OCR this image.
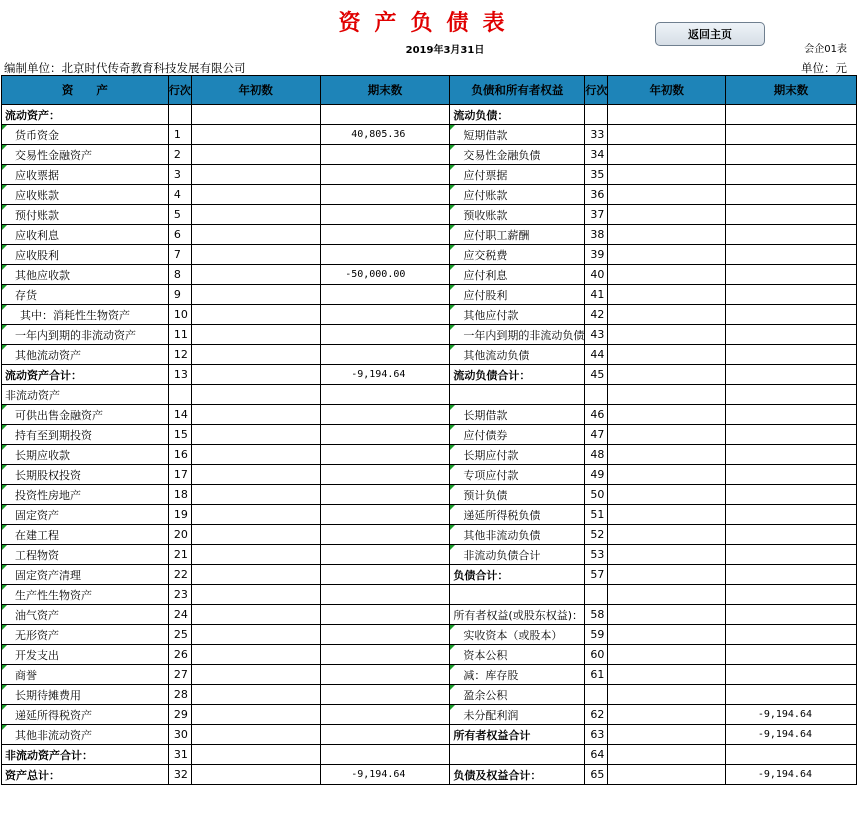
资产负债表
2019年3月31日
返回主页
会企01表
编制单位：北京时代传奇教育科技发展有限公司	单位：元
资　　产	行次	年初数	期末数	负债和所有者权益	行次	年初数	期末数
流动资产：				流动负债：			
货币资金	1		40,805.36	短期借款	33		
交易性金融资产	2			交易性金融负债	34		
应收票据	3			应付票据	35		
应收账款	4			应付账款	36		
预付账款	5			预收账款	37		
应收利息	6			应付职工薪酬	38		
应收股利	7			应交税费	39		
其他应收款	8		-50,000.00	应付利息	40		
存货	9			应付股利	41		
其中：消耗性生物资产	10			其他应付款	42		
一年内到期的非流动资产	11			一年内到期的非流动负债	43		
其他流动资产	12			其他流动负债	44		
流动资产合计：	13		-9,194.64	流动负债合计：	45		
非流动资产							
可供出售金融资产	14			长期借款	46		
持有至到期投资	15			应付债券	47		
长期应收款	16			长期应付款	48		
长期股权投资	17			专项应付款	49		
投资性房地产	18			预计负债	50		
固定资产	19			递延所得税负债	51		
在建工程	20			其他非流动负债	52		
工程物资	21			非流动负债合计	53		
固定资产清理	22			负债合计：	57		
生产性生物资产	23						
油气资产	24			所有者权益(或股东权益)：	58		
无形资产	25			实收资本（或股本）	59		
开发支出	26			资本公积	60		
商誉	27			减：库存股	61		
长期待摊费用	28			盈余公积			
递延所得税资产	29			未分配利润	62		-9,194.64
其他非流动资产	30			所有者权益合计	63		-9,194.64
非流动资产合计：	31				64		
资产总计：	32		-9,194.64	负债及权益合计：	65		-9,194.64
